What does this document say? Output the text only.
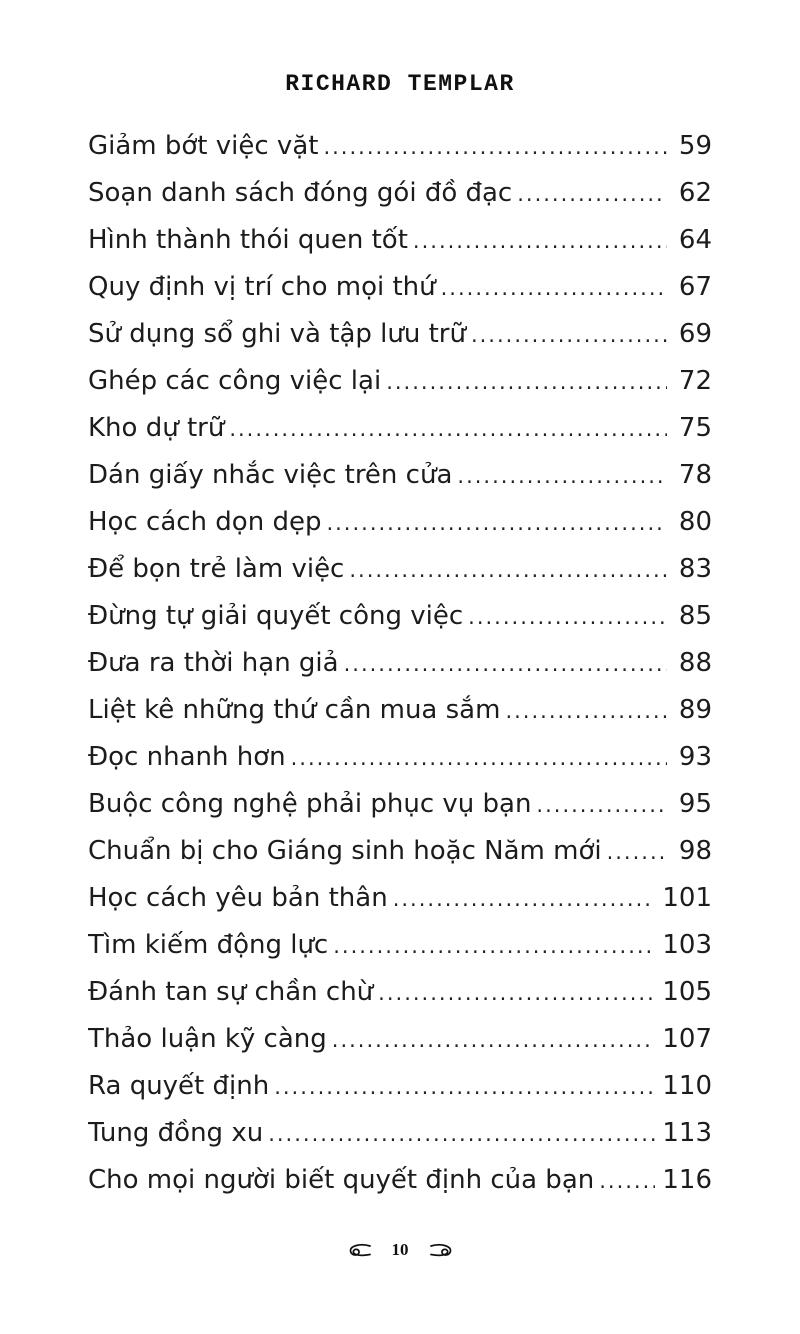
RICHARD TEMPLAR
Giảm bớt việc vặt .....	59
Soạn danh sách đóng gói đồ đạc .....	62
Hình thành thói quen tốt .....	64
Quy định vị trí cho mọi thứ .....	67
Sử dụng sổ ghi và tập lưu trữ .....	69
Ghép các công việc lại .....	72
Kho dự trữ .....	75
Dán giấy nhắc việc trên cửa .....	78
Học cách dọn dẹp .....	80
Để bọn trẻ làm việc .....	83
Đừng tự giải quyết công việc .....	85
Đưa ra thời hạn giả .....	88
Liệt kê những thứ cần mua sắm .....	89
Đọc nhanh hơn .....	93
Buộc công nghệ phải phục vụ bạn .....	95
Chuẩn bị cho Giáng sinh hoặc Năm mới .....	98
Học cách yêu bản thân .....	101
Tìm kiếm động lực .....	103
Đánh tan sự chần chừ .....	105
Thảo luận kỹ càng .....	107
Ra quyết định .....	110
Tung đồng xu .....	113
Cho mọi người biết quyết định của bạn .....	116
10
